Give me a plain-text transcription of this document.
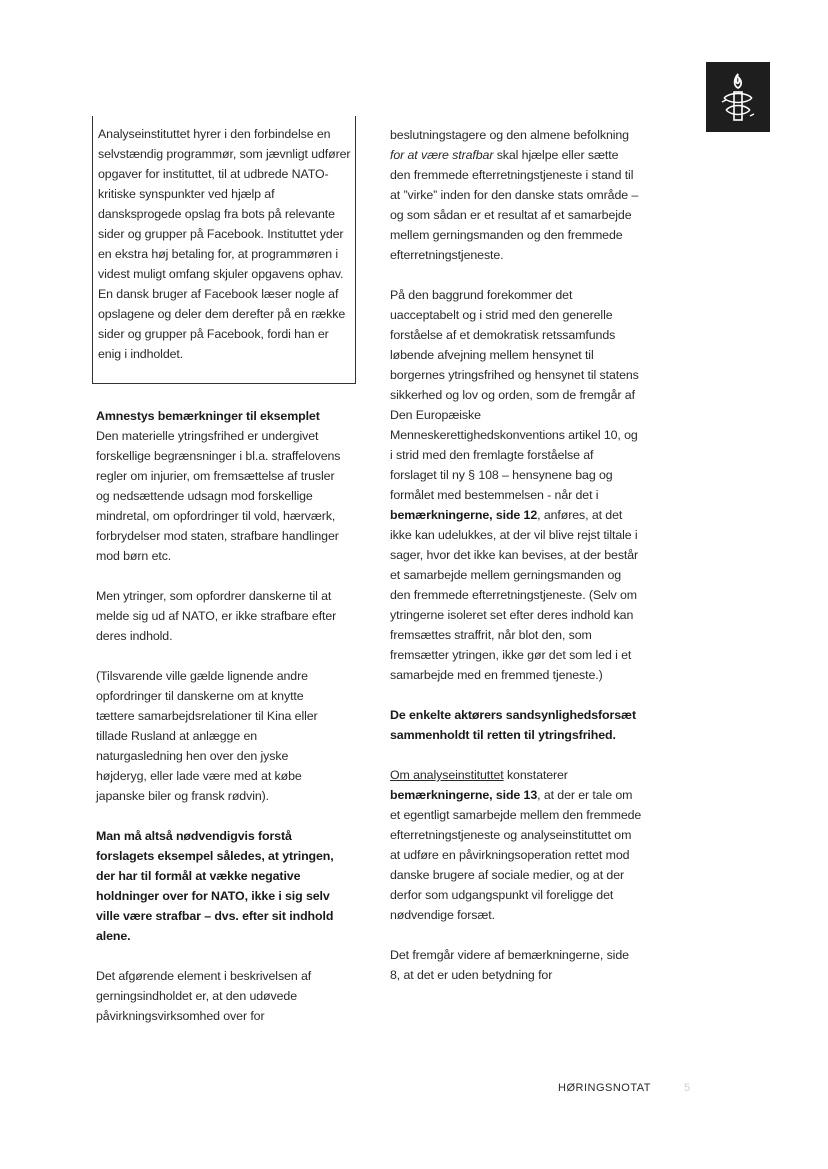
Analyseinstituttet hyrer i den forbindelse en selvstændig programmør, som jævnligt udfører opgaver for instituttet, til at udbrede NATO-kritiske synspunkter ved hjælp af dansksprogede opslag fra bots på relevante sider og grupper på Facebook. Instituttet yder en ekstra høj betaling for, at programmøren i videst muligt omfang skjuler opgavens ophav. En dansk bruger af Facebook læser nogle af opslagene og deler dem derefter på en række sider og grupper på Facebook, fordi han er enig i indholdet.

Amnestys bemærkninger til eksemplet

Den materielle ytringsfrihed er undergivet forskellige begrænsninger i bl.a. straffelovens regler om injurier, om fremsættelse af trusler og nedsættende udsagn mod forskellige mindretal, om opfordringer til vold, hærværk, forbrydelser mod staten, strafbare handlinger mod børn etc.

Men ytringer, som opfordrer danskerne til at melde sig ud af NATO, er ikke strafbare efter deres indhold.

(Tilsvarende ville gælde lignende andre opfordringer til danskerne om at knytte tættere samarbejdsrelationer til Kina eller tillade Rusland at anlægge en naturgasledning hen over den jyske højderyg, eller lade være med at købe japanske biler og fransk rødvin).

Man må altså nødvendigvis forstå forslagets eksempel således, at ytringen, der har til formål at vække negative holdninger over for NATO, ikke i sig selv ville være strafbar – dvs. efter sit indhold alene.

Det afgørende element i beskrivelsen af gerningsindholdet er, at den udøvede påvirkningsvirksomhed over for

beslutningstagere og den almene befolkning for at være strafbar skal hjælpe eller sætte den fremmede efterretningstjeneste i stand til at ”virke” inden for den danske stats område – og som sådan er et resultat af et samarbejde mellem gerningsmanden og den fremmede efterretningstjeneste.

På den baggrund forekommer det uacceptabelt og i strid med den generelle forståelse af et demokratisk retssamfunds løbende afvejning mellem hensynet til borgernes ytringsfrihed og hensynet til statens sikkerhed og lov og orden, som de fremgår af Den Europæiske Menneskerettighedskonventions artikel 10, og i strid med den fremlagte forståelse af forslaget til ny § 108 – hensynene bag og formålet med bestemmelsen - når det i bemærkningerne, side 12, anføres, at det ikke kan udelukkes, at der vil blive rejst tiltale i sager, hvor det ikke kan bevises, at der består et samarbejde mellem gerningsmanden og den fremmede efterretningstjeneste. (Selv om ytringerne isoleret set efter deres indhold kan fremsættes straffrit, når blot den, som fremsætter ytringen, ikke gør det som led i et samarbejde med en fremmed tjeneste.)

De enkelte aktørers sandsynlighedsforsæt sammenholdt til retten til ytringsfrihed.

Om analyseinstituttet konstaterer bemærkningerne, side 13, at der er tale om et egentligt samarbejde mellem den fremmede efterretningstjeneste og analyseinstituttet om at udføre en påvirkningsoperation rettet mod danske brugere af sociale medier, og at der derfor som udgangspunkt vil foreligge det nødvendige forsæt.

Det fremgår videre af bemærkningerne, side 8, at det er uden betydning for

HØRINGSNOTAT	5
